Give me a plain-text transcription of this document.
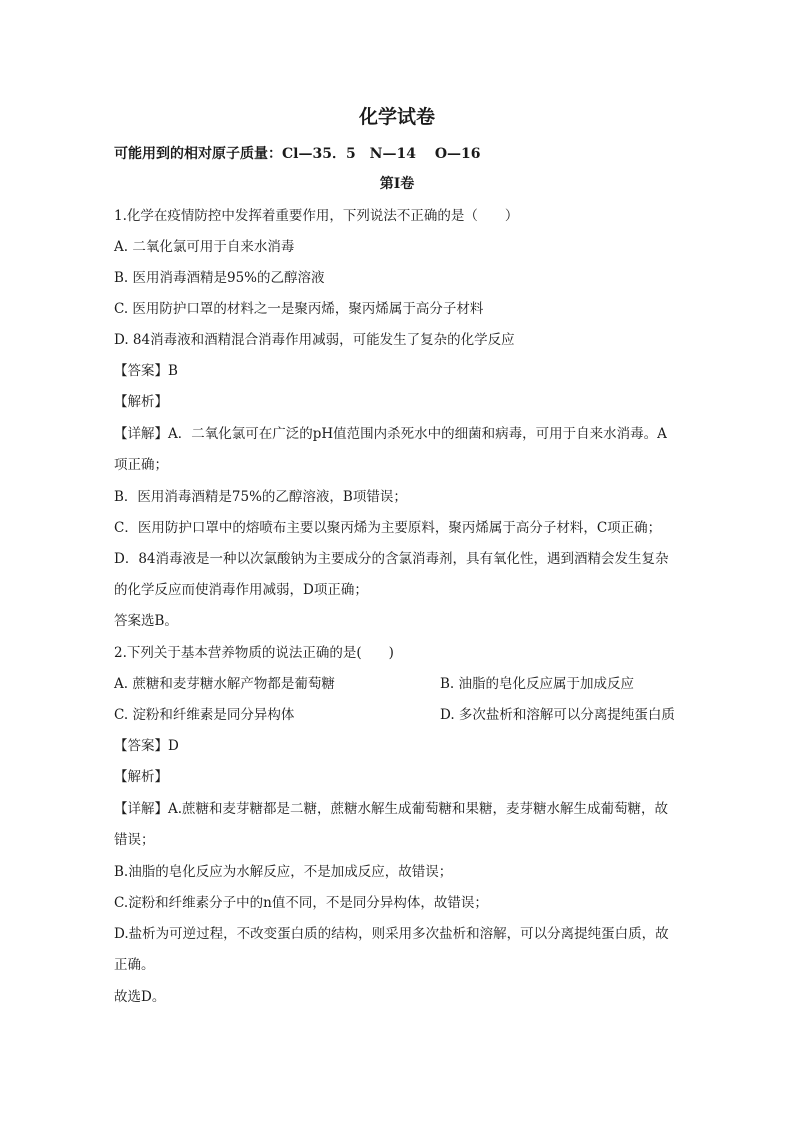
化学试卷
可能用到的相对原子质量：Cl—35．5　N—14　 O—16
第Ⅰ卷
1.化学在疫情防控中发挥着重要作用，下列说法不正确的是（　　）
A. 二氧化氯可用于自来水消毒
B. 医用消毒酒精是95%的乙醇溶液
C. 医用防护口罩的材料之一是聚丙烯，聚丙烯属于高分子材料
D. 84消毒液和酒精混合消毒作用减弱，可能发生了复杂的化学反应
【答案】B
【解析】
【详解】A．二氧化氯可在广泛的pH值范围内杀死水中的细菌和病毒，可用于自来水消毒。A
项正确；
B．医用消毒酒精是75%的乙醇溶液，B项错误；
C．医用防护口罩中的熔喷布主要以聚丙烯为主要原料，聚丙烯属于高分子材料，C项正确；
D．84消毒液是一种以次氯酸钠为主要成分的含氯消毒剂，具有氧化性，遇到酒精会发生复杂
的化学反应而使消毒作用减弱，D项正确；
答案选B。
2.下列关于基本营养物质的说法正确的是(　　)
A. 蔗糖和麦芽糖水解产物都是葡萄糖	B. 油脂的皂化反应属于加成反应
C. 淀粉和纤维素是同分异构体	D. 多次盐析和溶解可以分离提纯蛋白质
【答案】D
【解析】
【详解】A.蔗糖和麦芽糖都是二糖，蔗糖水解生成葡萄糖和果糖，麦芽糖水解生成葡萄糖，故
错误；
B.油脂的皂化反应为水解反应，不是加成反应，故错误；
C.淀粉和纤维素分子中的n值不同，不是同分异构体，故错误；
D.盐析为可逆过程，不改变蛋白质的结构，则采用多次盐析和溶解，可以分离提纯蛋白质，故
正确。
故选D。
